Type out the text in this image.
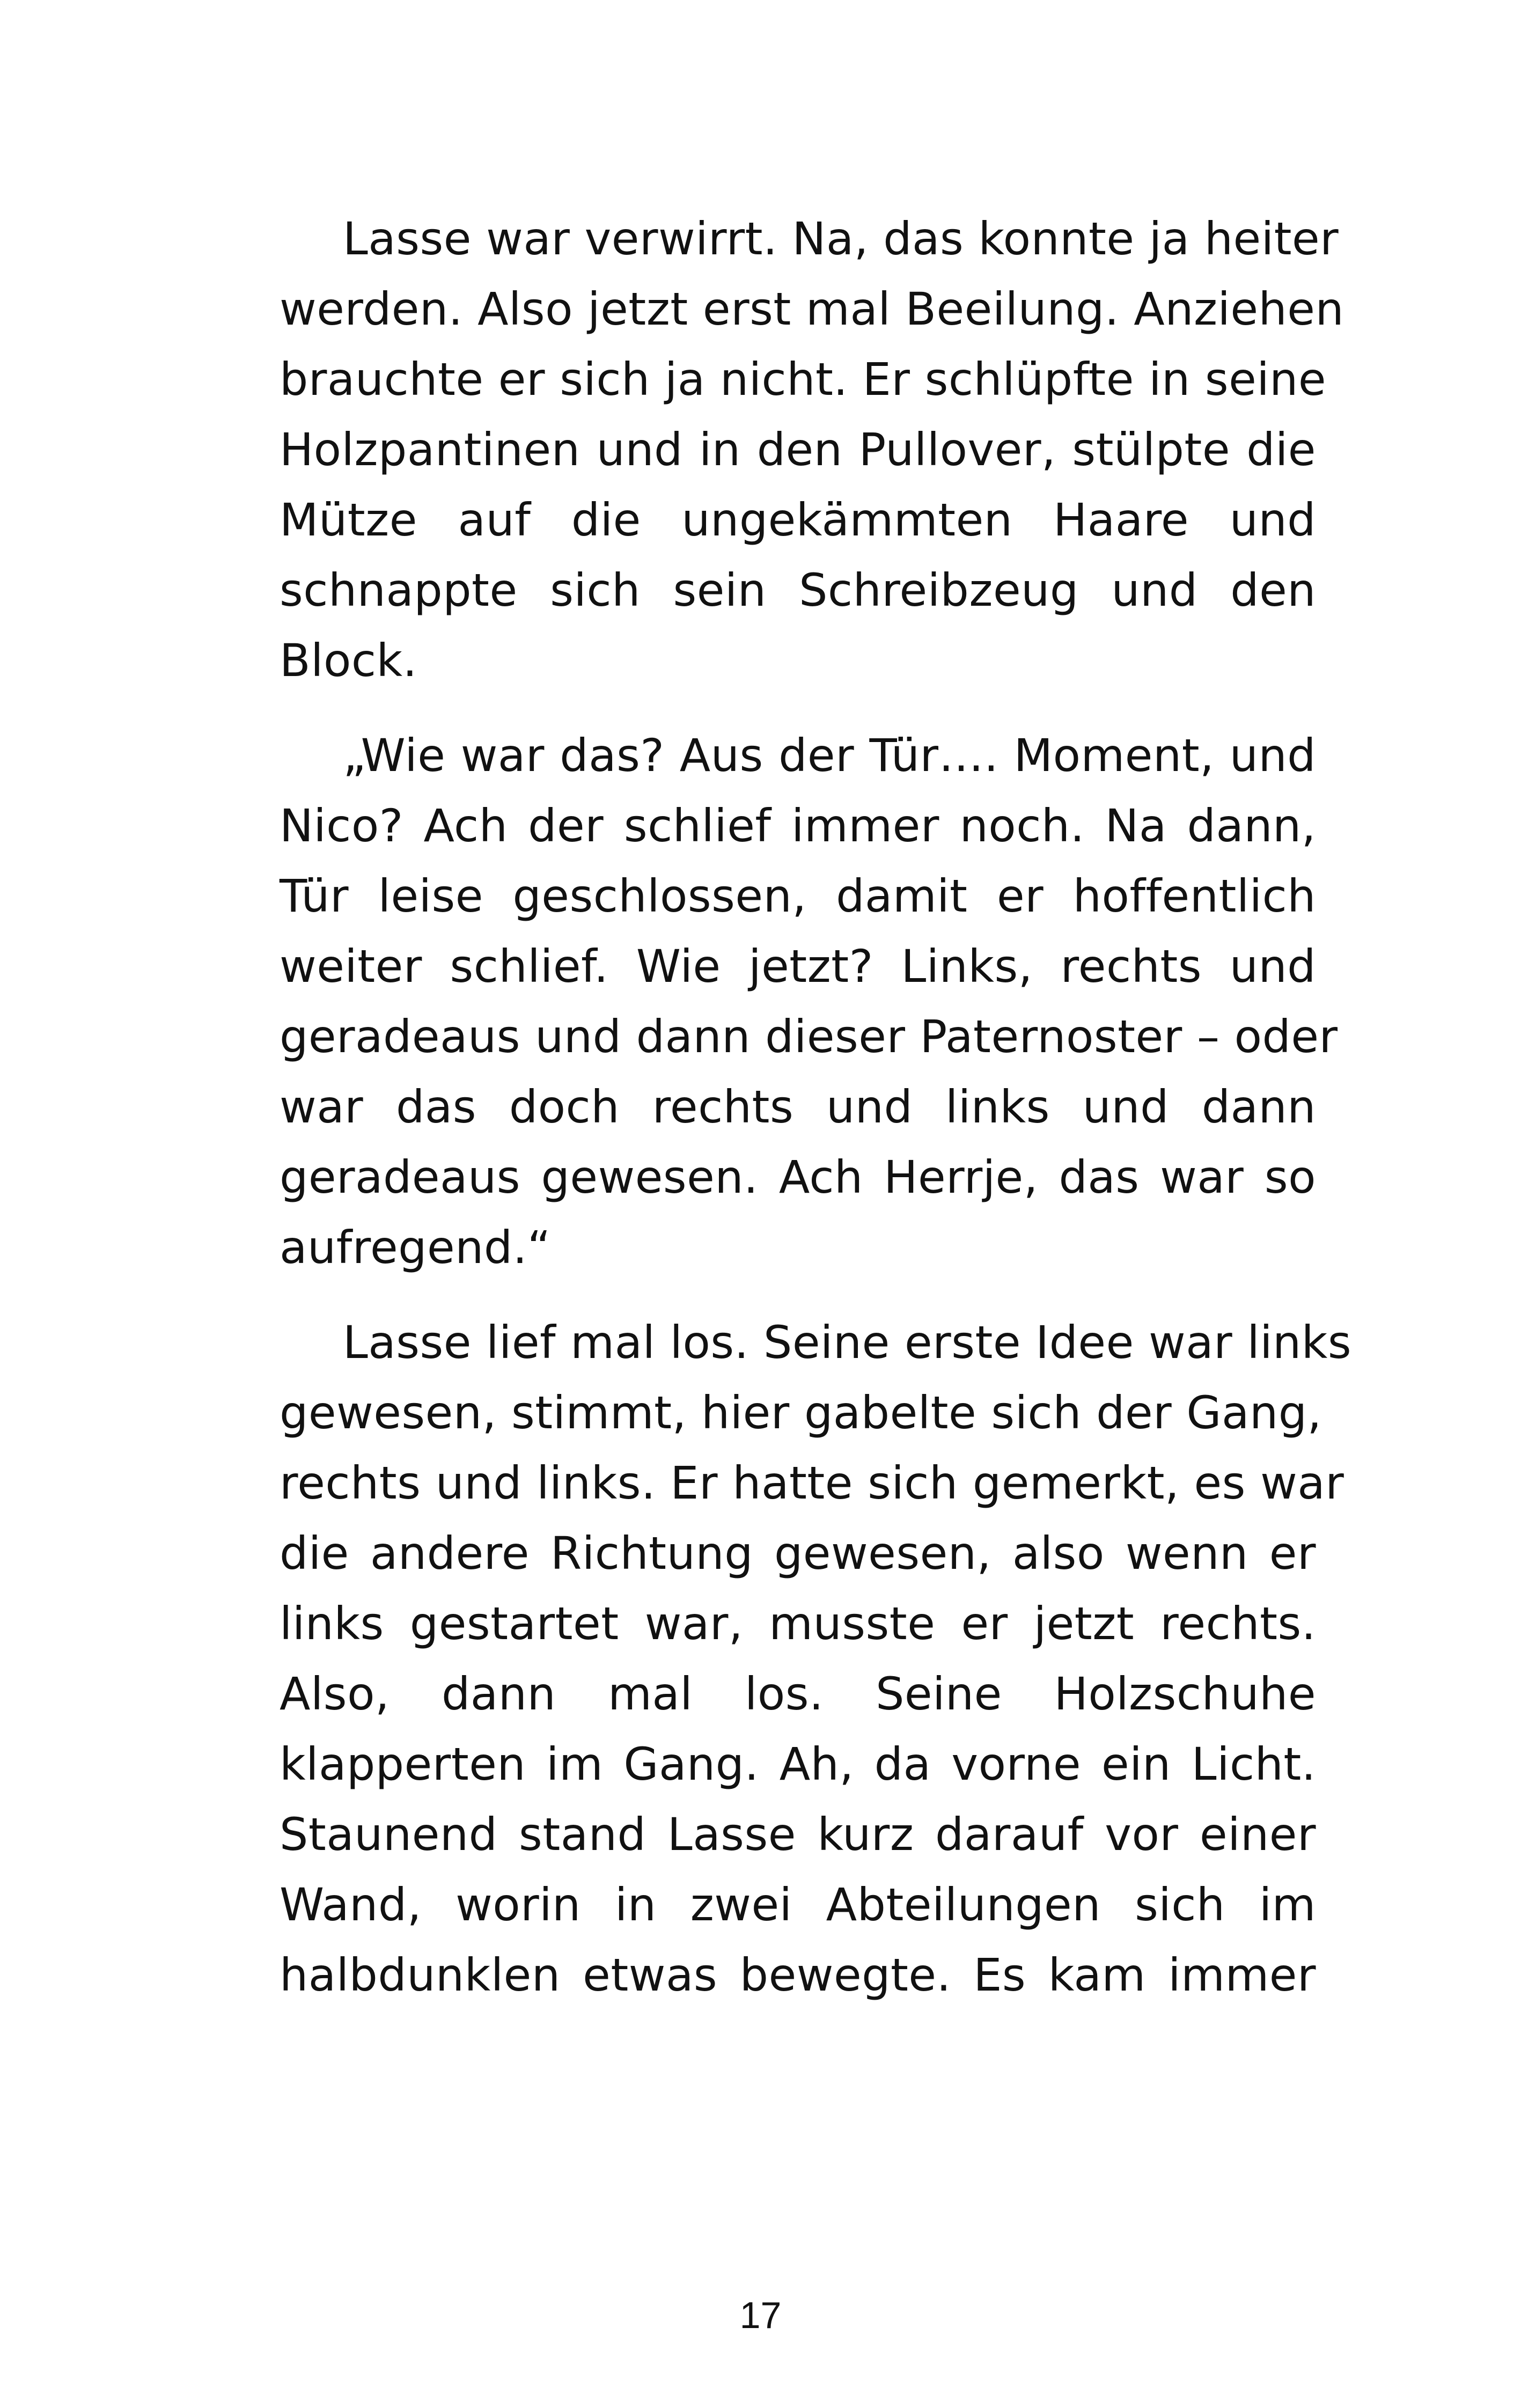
Lasse war verwirrt. Na, das konnte ja heiter
werden. Also jetzt erst mal Beeilung. Anziehen
brauchte er sich ja nicht. Er schlüpfte in seine
Holzpantinen und in den Pullover, stülpte die
Mütze auf die ungekämmten Haare und
schnappte sich sein Schreibzeug und den
Block.
„Wie war das? Aus der Tür…. Moment, und
Nico? Ach der schlief immer noch. Na dann,
Tür leise geschlossen, damit er hoffentlich
weiter schlief. Wie jetzt? Links, rechts und
geradeaus und dann dieser Paternoster – oder
war das doch rechts und links und dann
geradeaus gewesen. Ach Herrje, das war so
aufregend.“
Lasse lief mal los. Seine erste Idee war links
gewesen, stimmt, hier gabelte sich der Gang,
rechts und links. Er hatte sich gemerkt, es war
die andere Richtung gewesen, also wenn er
links gestartet war, musste er jetzt rechts.
Also, dann mal los. Seine Holzschuhe
klapperten im Gang. Ah, da vorne ein Licht.
Staunend stand Lasse kurz darauf vor einer
Wand, worin in zwei Abteilungen sich im
halbdunklen etwas bewegte. Es kam immer
17
